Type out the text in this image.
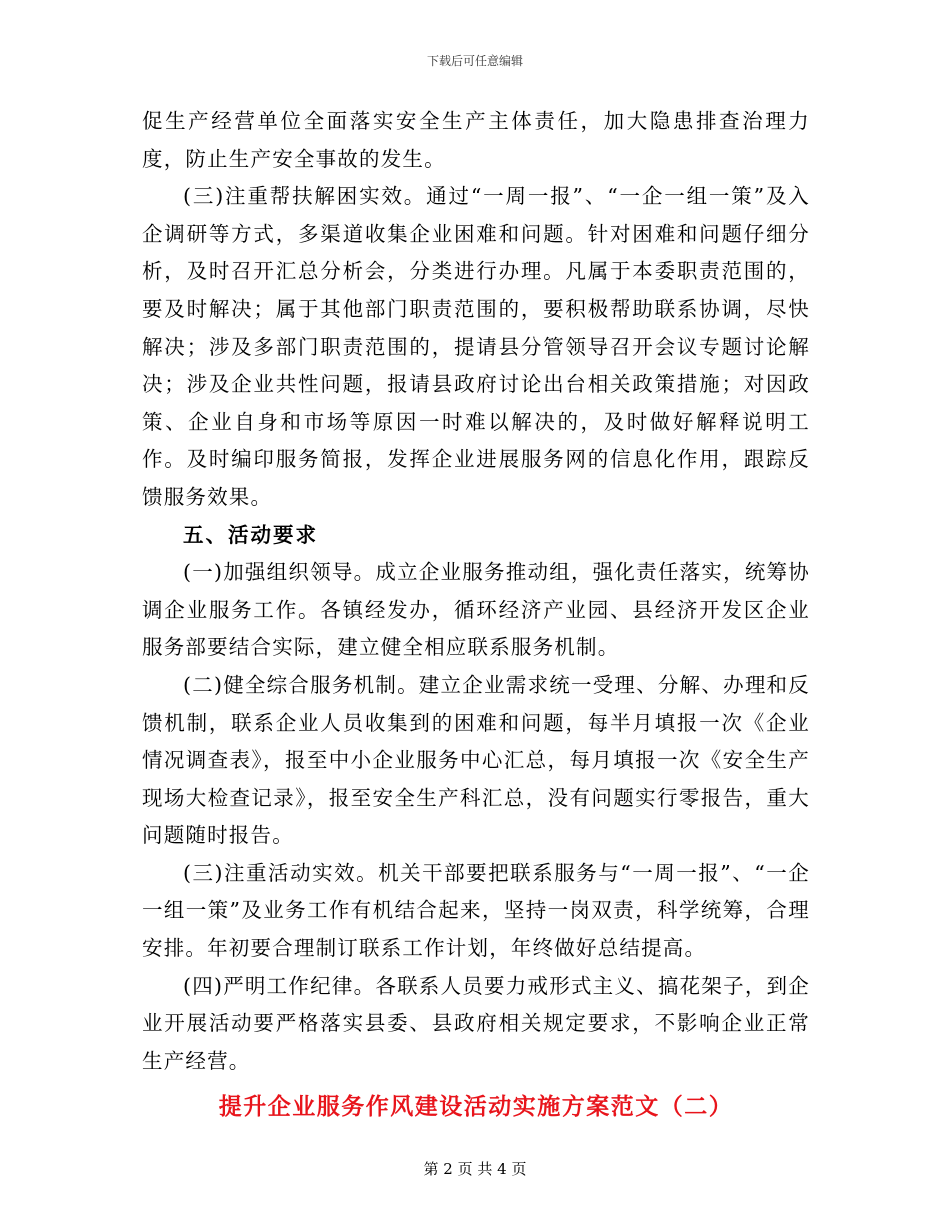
下载后可任意编辑

促生产经营单位全面落实安全生产主体责任，加大隐患排查治理力度，防止生产安全事故的发生。

(三)注重帮扶解困实效。通过“一周一报”、“一企一组一策”及入企调研等方式，多渠道收集企业困难和问题。针对困难和问题仔细分析，及时召开汇总分析会，分类进行办理。凡属于本委职责范围的，要及时解决；属于其他部门职责范围的，要积极帮助联系协调，尽快解决；涉及多部门职责范围的，提请县分管领导召开会议专题讨论解决；涉及企业共性问题，报请县政府讨论出台相关政策措施；对因政策、企业自身和市场等原因一时难以解决的，及时做好解释说明工作。及时编印服务简报，发挥企业进展服务网的信息化作用，跟踪反馈服务效果。

五、活动要求

(一)加强组织领导。成立企业服务推动组，强化责任落实，统筹协调企业服务工作。各镇经发办，循环经济产业园、县经济开发区企业服务部要结合实际，建立健全相应联系服务机制。

(二)健全综合服务机制。建立企业需求统一受理、分解、办理和反馈机制，联系企业人员收集到的困难和问题，每半月填报一次《企业情况调查表》，报至中小企业服务中心汇总，每月填报一次《安全生产现场大检查记录》，报至安全生产科汇总，没有问题实行零报告，重大问题随时报告。

(三)注重活动实效。机关干部要把联系服务与“一周一报”、“一企一组一策”及业务工作有机结合起来，坚持一岗双责，科学统筹，合理安排。年初要合理制订联系工作计划，年终做好总结提高。

(四)严明工作纪律。各联系人员要力戒形式主义、搞花架子，到企业开展活动要严格落实县委、县政府相关规定要求，不影响企业正常生产经营。

提升企业服务作风建设活动实施方案范文（二）

第 2 页 共 4 页
